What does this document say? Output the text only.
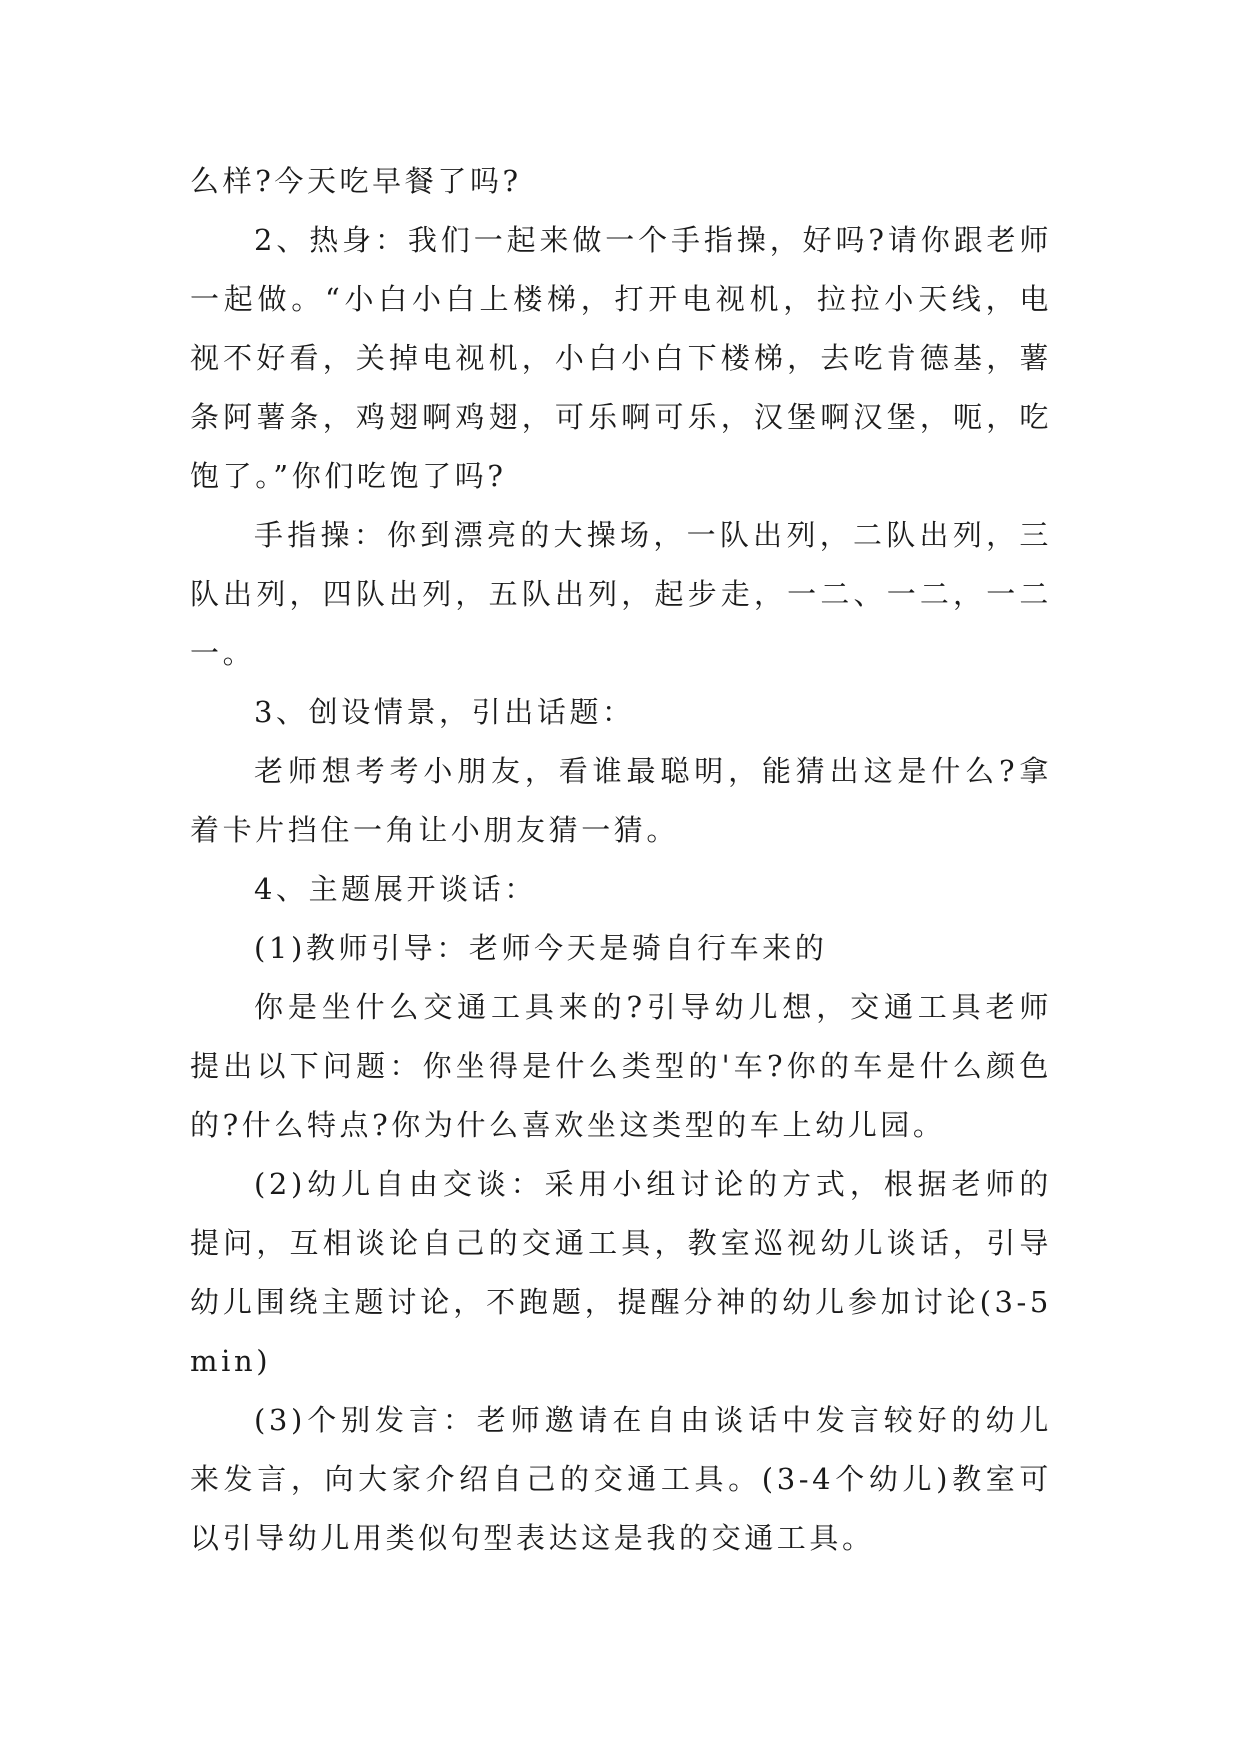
么样?今天吃早餐了吗?

2、热身：我们一起来做一个手指操，好吗?请你跟老师一起做。“小白小白上楼梯，打开电视机，拉拉小天线，电视不好看，关掉电视机，小白小白下楼梯，去吃肯德基，薯条阿薯条，鸡翅啊鸡翅，可乐啊可乐，汉堡啊汉堡，呃，吃饱了。”你们吃饱了吗?

手指操：你到漂亮的大操场，一队出列，二队出列，三队出列，四队出列，五队出列，起步走，一二、一二，一二一。

3、创设情景，引出话题：

老师想考考小朋友，看谁最聪明，能猜出这是什么?拿着卡片挡住一角让小朋友猜一猜。

4、主题展开谈话：

(1)教师引导：老师今天是骑自行车来的

你是坐什么交通工具来的?引导幼儿想，交通工具老师提出以下问题：你坐得是什么类型的'车?你的车是什么颜色的?什么特点?你为什么喜欢坐这类型的车上幼儿园。

(2)幼儿自由交谈：采用小组讨论的方式，根据老师的提问，互相谈论自己的交通工具，教室巡视幼儿谈话，引导幼儿围绕主题讨论，不跑题，提醒分神的幼儿参加讨论(3-5min)

(3)个别发言：老师邀请在自由谈话中发言较好的幼儿来发言，向大家介绍自己的交通工具。(3-4个幼儿)教室可以引导幼儿用类似句型表达这是我的交通工具。
